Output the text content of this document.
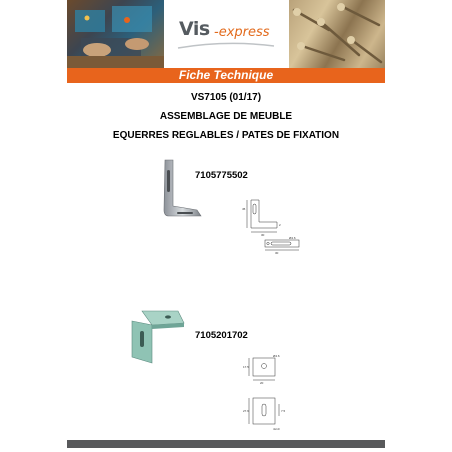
Vis -express
Fiche Technique
VS7105 (01/17)
ASSEMBLAGE DE MEUBLE
EQUERRES REGLABLES / PATES DE FIXATION
7105775502
45
30
2
30
Ø4.6
7105201702
17.5
20
Ø4.6
27.6	7.5
4x10
